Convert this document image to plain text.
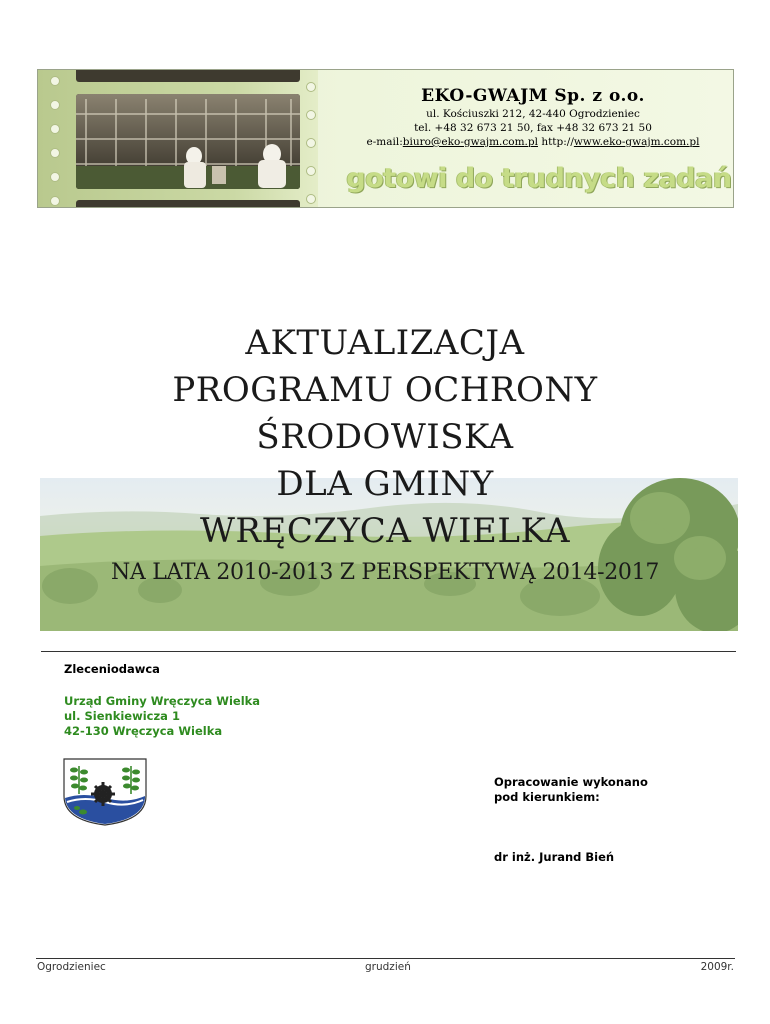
EKO-GWAJM Sp. z o.o.
ul. Kościuszki 212, 42-440 Ogrodzieniec
tel. +48 32 673 21 50, fax +48 32 673 21 50
e-mail:biuro@eko-gwajm.com.pl http://www.eko-gwajm.com.pl
gotowi do trudnych zadań
AKTUALIZACJA
PROGRAMU OCHRONY
ŚRODOWISKA
DLA GMINY
WRĘCZYCA WIELKA
NA LATA 2010-2013 Z PERSPEKTYWĄ 2014-2017
Zleceniodawca
Urząd Gminy Wręczyca Wielka
ul. Sienkiewicza 1
42-130 Wręczyca Wielka
Opracowanie wykonano
pod kierunkiem:
dr inż. Jurand Bień
Ogrodzieniec	grudzień	2009r.
